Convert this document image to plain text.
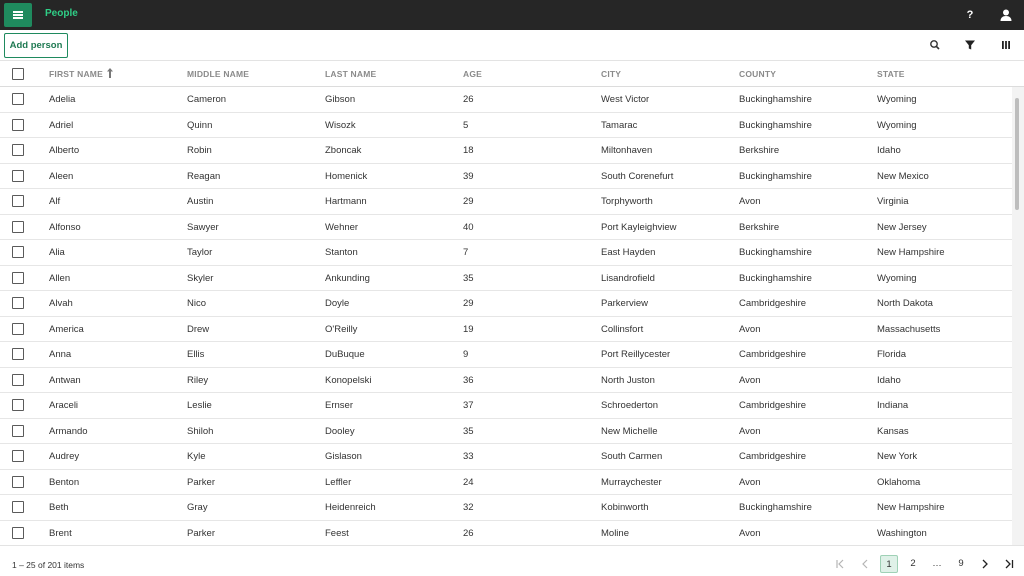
People	?
Add person
FIRST NAME	MIDDLE NAME	LAST NAME	AGE	CITY	COUNTY	STATE
Adelia	Cameron	Gibson	26	West Victor	Buckinghamshire	Wyoming
Adriel	Quinn	Wisozk	5	Tamarac	Buckinghamshire	Wyoming
Alberto	Robin	Zboncak	18	Miltonhaven	Berkshire	Idaho
Aleen	Reagan	Homenick	39	South Corenefurt	Buckinghamshire	New Mexico
Alf	Austin	Hartmann	29	Torphyworth	Avon	Virginia
Alfonso	Sawyer	Wehner	40	Port Kayleighview	Berkshire	New Jersey
Alia	Taylor	Stanton	7	East Hayden	Buckinghamshire	New Hampshire
Allen	Skyler	Ankunding	35	Lisandrofield	Buckinghamshire	Wyoming
Alvah	Nico	Doyle	29	Parkerview	Cambridgeshire	North Dakota
America	Drew	O'Reilly	19	Collinsfort	Avon	Massachusetts
Anna	Ellis	DuBuque	9	Port Reillycester	Cambridgeshire	Florida
Antwan	Riley	Konopelski	36	North Juston	Avon	Idaho
Araceli	Leslie	Ernser	37	Schroederton	Cambridgeshire	Indiana
Armando	Shiloh	Dooley	35	New Michelle	Avon	Kansas
Audrey	Kyle	Gislason	33	South Carmen	Cambridgeshire	New York
Benton	Parker	Leffler	24	Murraychester	Avon	Oklahoma
Beth	Gray	Heidenreich	32	Kobinworth	Buckinghamshire	New Hampshire
Brent	Parker	Feest	26	Moline	Avon	Washington
1 – 25 of 201 items	1	2	…	9
